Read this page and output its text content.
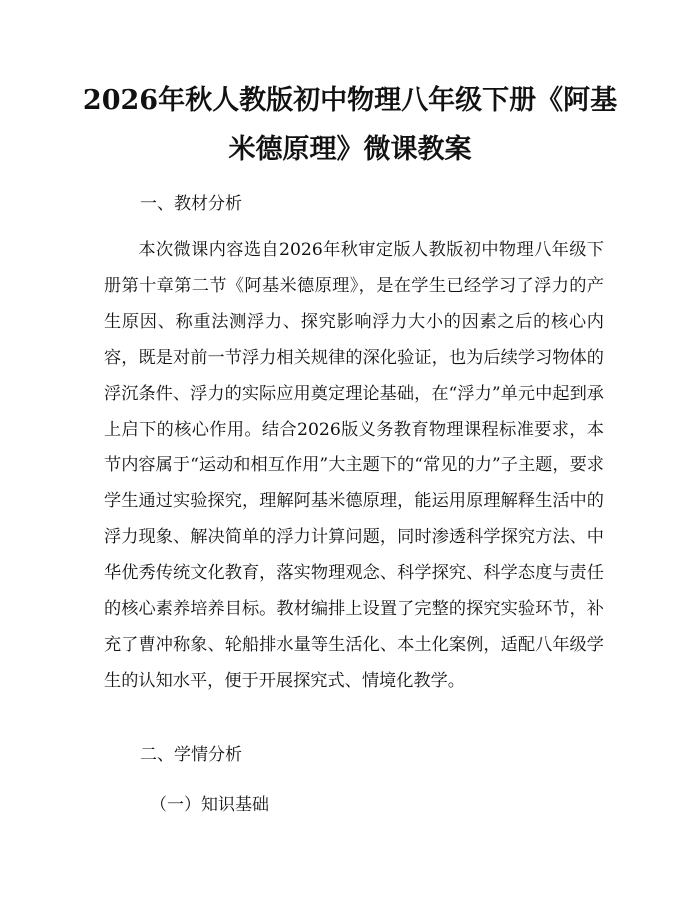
2026年秋人教版初中物理八年级下册《阿基
米德原理》微课教案
一、教材分析
本次微课内容选自2026年秋审定版人教版初中物理八年级下册第十章第二节《阿基米德原理》，是在学生已经学习了浮力的产生原因、称重法测浮力、探究影响浮力大小的因素之后的核心内容，既是对前一节浮力相关规律的深化验证，也为后续学习物体的浮沉条件、浮力的实际应用奠定理论基础，在“浮力”单元中起到承上启下的核心作用。结合2026版义务教育物理课程标准要求，本节内容属于“运动和相互作用”大主题下的“常见的力”子主题，要求学生通过实验探究，理解阿基米德原理，能运用原理解释生活中的浮力现象、解决简单的浮力计算问题，同时渗透科学探究方法、中华优秀传统文化教育，落实物理观念、科学探究、科学态度与责任的核心素养培养目标。教材编排上设置了完整的探究实验环节，补充了曹冲称象、轮船排水量等生活化、本土化案例，适配八年级学生的认知水平，便于开展探究式、情境化教学。
二、学情分析
（一）知识基础
